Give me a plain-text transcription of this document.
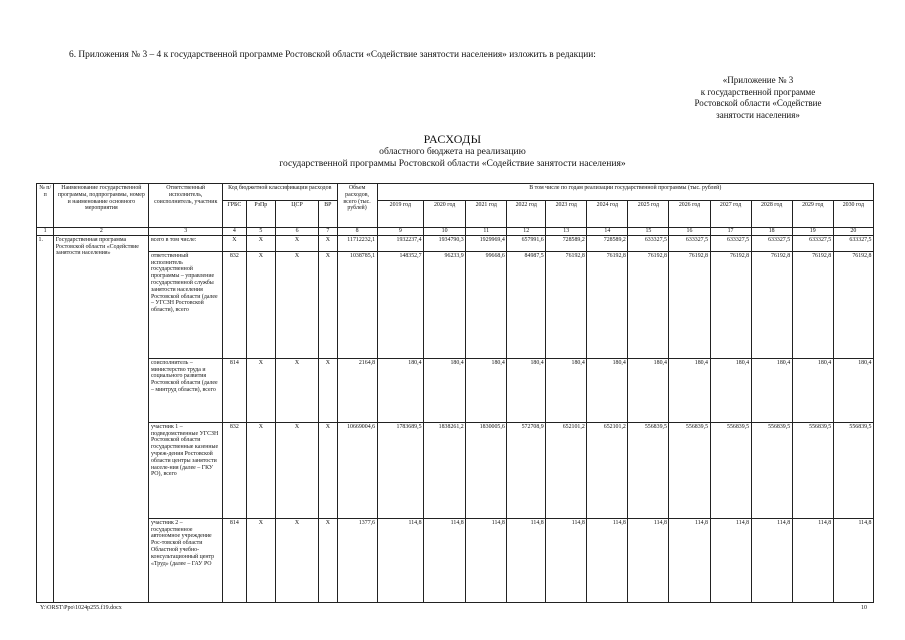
6. Приложения № 3 – 4 к государственной программе Ростовской области «Содействие занятости населения» изложить в редакции:
«Приложение № 3
к государственной программе
Ростовской области «Содействие
занятости населения»
РАСХОДЫ
областного бюджета на реализацию
государственной программы Ростовской области «Содействие занятости населения»
№ п/п	Наименование государственной программы, подпрограммы, номер и наименование основного мероприятия	Ответственный исполнитель, соисполнитель, участник	Код бюджетной классификации расходов				Объем расходов, всего (тыс. рублей)	В том числе по годам реализации государственной программы (тыс. рублей)											
			ГРБС	РзПр	ЦСР	ВР		2019 год	2020 год	2021 год	2022 год	2023 год	2024 год	2025 год	2026 год	2027 год	2028 год	2029 год	2030 год
1	2	3	4	5	6	7	8	9	10	11	12	13	14	15	16	17	18	19	20
1.	Государственная программа Ростовской области «Содействие занятости населения»	всего в том числе:	X	X	X	X	11712232,1	1932237,4	1934790,3	1929969,4	657991,6	728589,2	728589,2	633327,5	633327,5	633327,5	633327,5	633327,5	633327,5
		ответственный исполнитель государственной программы – управление государственной службы занятости населения Ростовской области (далее – УГСЗН Ростовской области), всего	832	X	X	X	1038785,1	148352,7	96233,9	99668,6	84987,5	76192,8	76192,8	76192,8	76192,8	76192,8	76192,8	76192,8	76192,8
		соисполнитель – министерство труда и социального развития Ростовской области (далее – минтруд области), всего	814	X	X	X	2164,8	180,4	180,4	180,4	180,4	180,4	180,4	180,4	180,4	180,4	180,4	180,4	180,4
		участник 1 – подведомственные УГСЗН Ростовской области государственные казенные учреж-дения Ростовской области центры занятости населе-ния (далее – ГКУ РО), всего	832	X	X	X	10669004,6	1783689,5	1838261,2	1830005,6	572708,9	652101,2	652101,2	556839,5	556839,5	556839,5	556839,5	556839,5	556839,5
		участник 2 – государственное автономное учреждение Рос-товской области Областной учебно-консультационный центр «Труд» (далее – ГАУ РО	814	X	X	X	1377,6	114,8	114,8	114,8	114,8	114,8	114,8	114,8	114,8	114,8	114,8	114,8	114,8
Y:\ORST\Ppo\1024p255.f19.docx	10
